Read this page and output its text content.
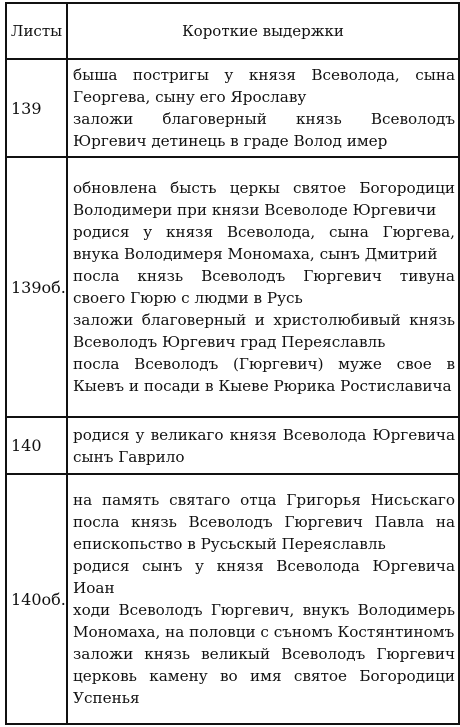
Листы	Короткие выдержки
139	быша постригы у князя Всеволода, сына Георгева, сыну его Ярославу
заложи благоверный князь Всеволодъ Юргевич детинець в граде Волод имер

139об.	обновлена бысть церкы святое Богородици Володимери при князи Всеволоде Юргевичи
родися у князя Всеволода, сына Гюргева, внука Володимеря Мономаха, сынъ Дмитрий
посла князь Всеволодъ Гюргевич тивуна своего Гюрю с людми в Русь
заложи благоверный и христолюбивый князь Всеволодъ Юргевич град Переяславль
посла Всеволодъ (Гюргевич) муже свое в Кыевъ и посади в Кыеве Рюрика Ростиславича

140	родися у великаго князя Всеволода Юргевича сынъ Гаврило

140об.	на память святаго отца Григорья Нисьскаго посла князь Всеволодъ Гюргевич Павла на епископьство в Русьскый Переяславль
родися сынъ у князя Всеволода Юргевича Иоан
ходи Всеволодъ Гюргевич, внукъ Володимерь Мономаха, на половци с съномъ Костянтиномъ
заложи князь великый Всеволодъ Гюргевич церковь камену во имя святое Богородици Успенья
